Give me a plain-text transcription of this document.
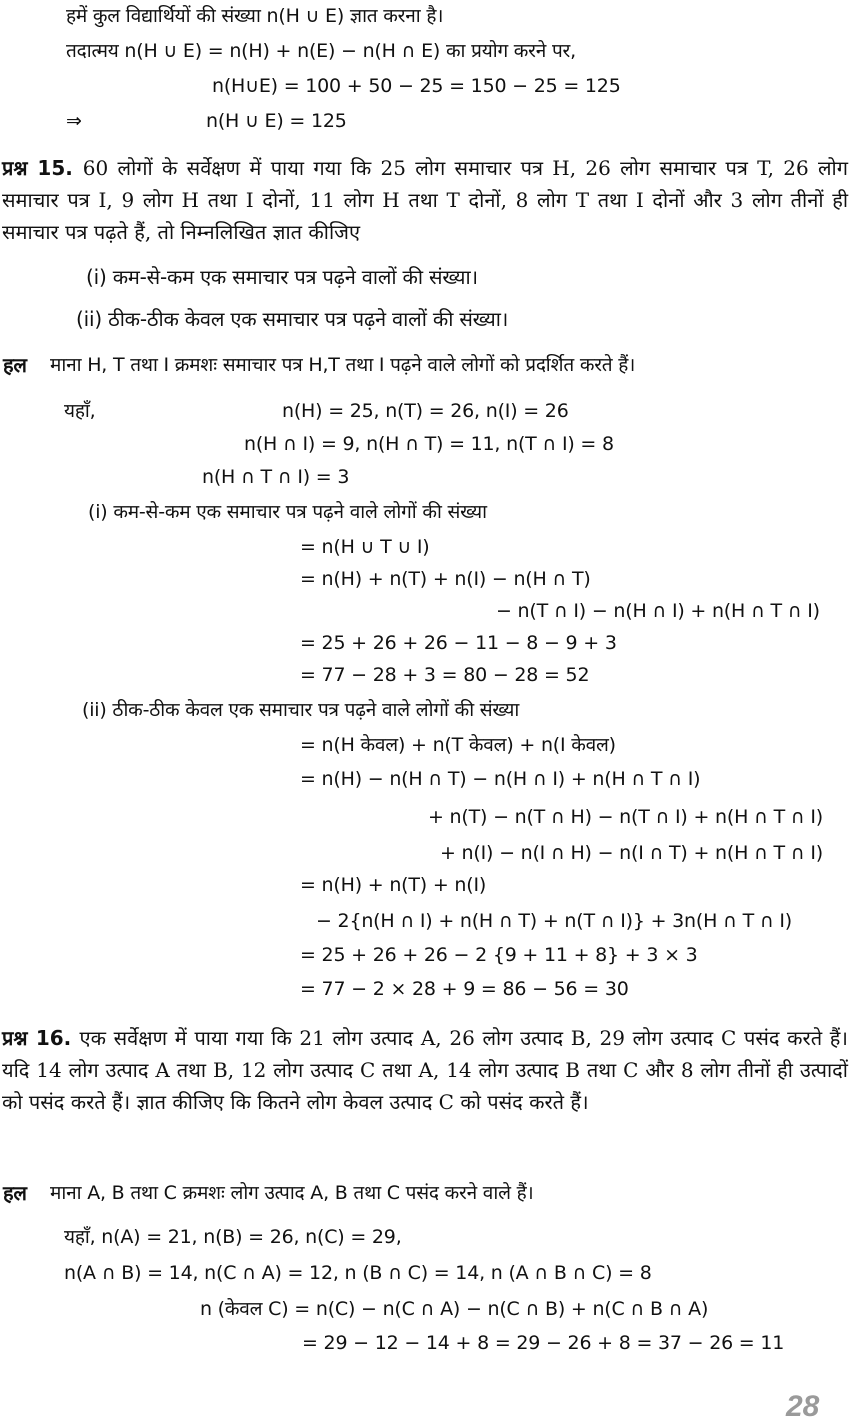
हमें कुल विद्यार्थियों की संख्या n(H ∪ E) ज्ञात करना है।
तदात्मय n(H ∪ E) = n(H) + n(E) − n(H ∩ E) का प्रयोग करने पर,
n(H∪E) = 100 + 50 − 25 = 150 − 25 = 125
⇒	n(H ∪ E) = 125
प्रश्न 15. 60 लोगों के सर्वेक्षण में पाया गया कि 25 लोग समाचार पत्र H, 26 लोग समाचार पत्र T, 26 लोग समाचार पत्र I, 9 लोग H तथा I दोनों, 11 लोग H तथा T दोनों, 8 लोग T तथा I दोनों और 3 लोग तीनों ही समाचार पत्र पढ़ते हैं, तो निम्नलिखित ज्ञात कीजिए
(i) कम-से-कम एक समाचार पत्र पढ़ने वालों की संख्या।
(ii) ठीक-ठीक केवल एक समाचार पत्र पढ़ने वालों की संख्या।
हल माना H, T तथा I क्रमशः समाचार पत्र H,T तथा I पढ़ने वाले लोगों को प्रदर्शित करते हैं।
यहाँ,	n(H) = 25, n(T) = 26, n(I) = 26
n(H ∩ I) = 9, n(H ∩ T) = 11, n(T ∩ I) = 8
n(H ∩ T ∩ I) = 3
(i) कम-से-कम एक समाचार पत्र पढ़ने वाले लोगों की संख्या
= n(H ∪ T ∪ I)
= n(H) + n(T) + n(I) − n(H ∩ T)
− n(T ∩ I) − n(H ∩ I) + n(H ∩ T ∩ I)
= 25 + 26 + 26 − 11 − 8 − 9 + 3
= 77 − 28 + 3 = 80 − 28 = 52
(ii) ठीक-ठीक केवल एक समाचार पत्र पढ़ने वाले लोगों की संख्या
= n(H केवल) + n(T केवल) + n(I केवल)
= n(H) − n(H ∩ T) − n(H ∩ I) + n(H ∩ T ∩ I)
+ n(T) − n(T ∩ H) − n(T ∩ I) + n(H ∩ T ∩ I)
+ n(I) − n(I ∩ H) − n(I ∩ T) + n(H ∩ T ∩ I)
= n(H) + n(T) + n(I)
− 2{n(H ∩ I) + n(H ∩ T) + n(T ∩ I)} + 3n(H ∩ T ∩ I)
= 25 + 26 + 26 − 2 {9 + 11 + 8} + 3 × 3
= 77 − 2 × 28 + 9 = 86 − 56 = 30
प्रश्न 16. एक सर्वेक्षण में पाया गया कि 21 लोग उत्पाद A, 26 लोग उत्पाद B, 29 लोग उत्पाद C पसंद करते हैं। यदि 14 लोग उत्पाद A तथा B, 12 लोग उत्पाद C तथा A, 14 लोग उत्पाद B तथा C और 8 लोग तीनों ही उत्पादों को पसंद करते हैं। ज्ञात कीजिए कि कितने लोग केवल उत्पाद C को पसंद करते हैं।
हल माना A, B तथा C क्रमशः लोग उत्पाद A, B तथा C पसंद करने वाले हैं।
यहाँ, n(A) = 21, n(B) = 26, n(C) = 29,
n(A ∩ B) = 14, n(C ∩ A) = 12, n (B ∩ C) = 14, n (A ∩ B ∩ C) = 8
n (केवल C) = n(C) − n(C ∩ A) − n(C ∩ B) + n(C ∩ B ∩ A)
= 29 − 12 − 14 + 8 = 29 − 26 + 8 = 37 − 26 = 11
28
